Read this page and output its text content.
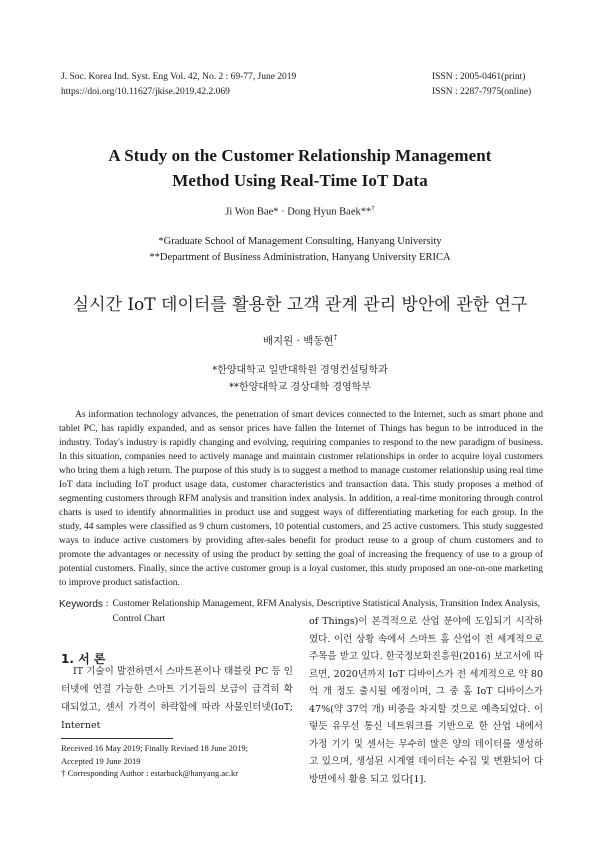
J. Soc. Korea Ind. Syst. Eng Vol. 42, No. 2 : 69-77, June 2019
https://doi.org/10.11627/jkise.2019.42.2.069
ISSN : 2005-0461(print)
ISSN : 2287-7975(online)
A Study on the Customer Relationship Management
Method Using Real-Time IoT Data
Ji Won Bae* · Dong Hyun Baek**†
*Graduate School of Management Consulting, Hanyang University
**Department of Business Administration, Hanyang University ERICA
실시간 IoT 데이터를 활용한 고객 관계 관리 방안에 관한 연구
배지원 · 백동현†
*한양대학교 일반대학원 경영컨설팅학과
**한양대학교 경상대학 경영학부
As information technology advances, the penetration of smart devices connected to the Internet, such as smart phone and tablet PC, has rapidly expanded, and as sensor prices have fallen the Internet of Things has begun to be introduced in the industry. Today's industry is rapidly changing and evolving, requiring companies to respond to the new paradigm of business. In this situation, companies need to actively manage and maintain customer relationships in order to acquire loyal customers who bring them a high return. The purpose of this study is to suggest a method to manage customer relationship using real time IoT data including IoT product usage data, customer characteristics and transaction data. This study proposes a method of segmenting customers through RFM analysis and transition index analysis. In addition, a real-time monitoring through control charts is used to identify abnormalities in product use and suggest ways of differentiating marketing for each group. In the study, 44 samples were classified as 9 churn customers, 10 potential customers, and 25 active customers. This study suggested ways to induce active customers by providing after-sales benefit for product reuse to a group of churn customers and to promote the advantages or necessity of using the product by setting the goal of increasing the frequency of use to a group of potential customers. Finally, since the active customer group is a loyal customer, this study proposed an one-on-one marketing to improve product satisfaction.
Keywords : Customer Relationship Management, RFM Analysis, Descriptive Statistical Analysis, Transition Index Analysis, Control Chart
1. 서 론
IT 기술이 발전하면서 스마트폰이나 태블릿 PC 등 인터넷에 연결 가능한 스마트 기기들의 보급이 급격히 확대되었고, 센서 가격이 하락함에 따라 사물인터넷(IoT; Internet
of Things)이 본격적으로 산업 분야에 도입되기 시작하였다. 이런 상황 속에서 스마트 홈 산업이 전 세계적으로 주목을 받고 있다. 한국정보화진흥원(2016) 보고서에 따르면, 2020년까지 IoT 디바이스가 전 세계적으로 약 80억 개 정도 출시될 예정이며, 그 중 홈 IoT 디바이스가 47%(약 37억 개) 비중을 차지할 것으로 예측되었다. 이렇듯 유무선 통신 네트워크를 기반으로 한 산업 내에서 가정 기기 및 센서는 무수히 많은 양의 데이터를 생성하고 있으며, 생성된 시계열 데이터는 수집 및 변환되어 다방면에서 활용 되고 있다[1].
Received 16 May 2019; Finally Revised 18 June 2019;
Accepted 19 June 2019
† Corresponding Author : estarback@hanyang.ac.kr
